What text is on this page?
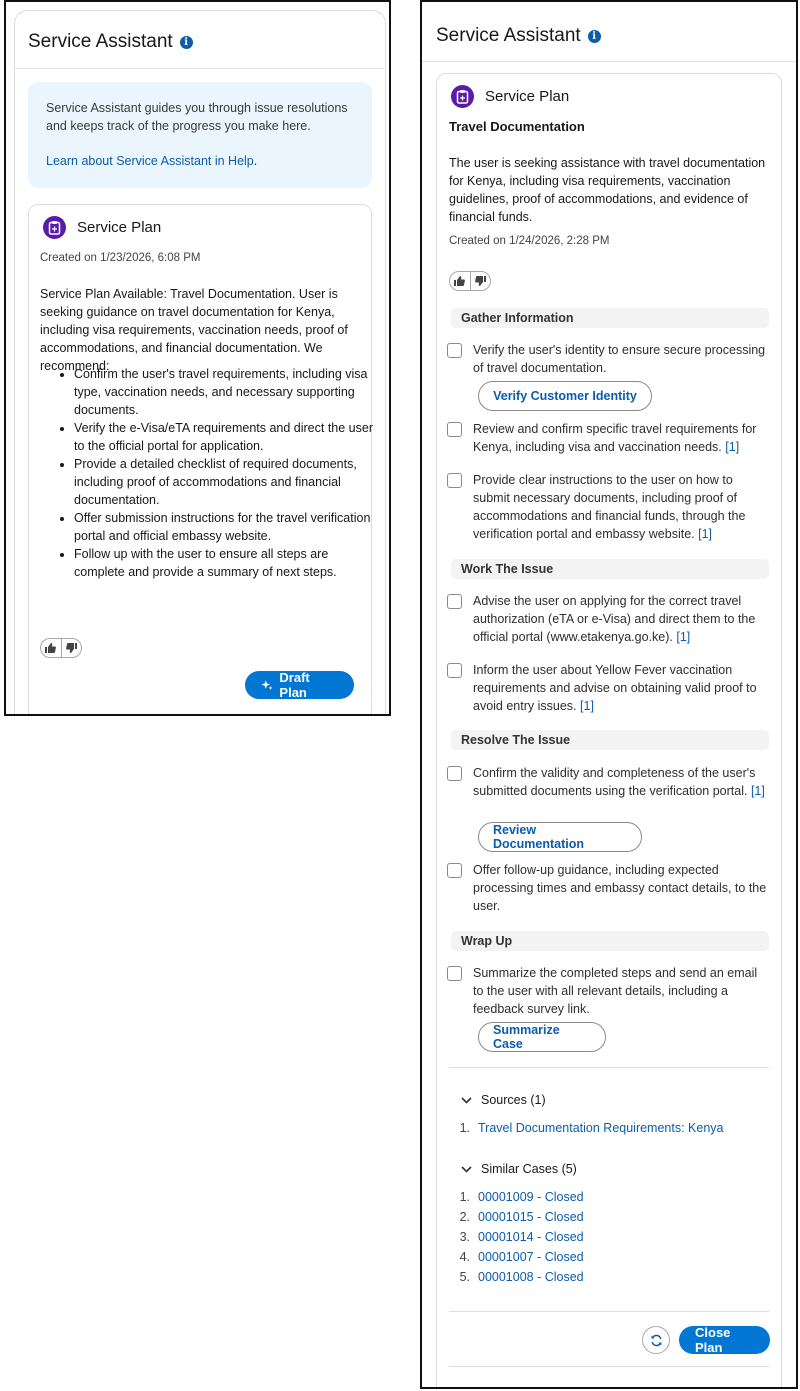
Service Assistant	i
Service Assistant guides you through issue resolutions and keeps track of the progress you make here.
Learn about Service Assistant in Help.
Service Plan
Created on 1/23/2026, 6:08 PM
Service Plan Available: Travel Documentation. User is seeking guidance on travel documentation for Kenya, including visa requirements, vaccination needs, proof of accommodations, and financial documentation. We recommend:
• Confirm the user's travel requirements, including visa type, vaccination needs, and necessary supporting documents.
• Verify the e-Visa/eTA requirements and direct the user to the official portal for application.
• Provide a detailed checklist of required documents, including proof of accommodations and financial documentation.
• Offer submission instructions for the travel verification portal and official embassy website.
• Follow up with the user to ensure all steps are complete and provide a summary of next steps.
Draft Plan
Service Assistant	i
Service Plan
Travel Documentation
The user is seeking assistance with travel documentation for Kenya, including visa requirements, vaccination guidelines, proof of accommodations, and evidence of financial funds.
Created on 1/24/2026, 2:28 PM
Gather Information
Verify the user's identity to ensure secure processing of travel documentation.
Verify Customer Identity
Review and confirm specific travel requirements for Kenya, including visa and vaccination needs. [1]
Provide clear instructions to the user on how to submit necessary documents, including proof of accommodations and financial funds, through the verification portal and embassy website. [1]
Work The Issue
Advise the user on applying for the correct travel authorization (eTA or e-Visa) and direct them to the official portal (www.etakenya.go.ke). [1]
Inform the user about Yellow Fever vaccination requirements and advise on obtaining valid proof to avoid entry issues. [1]
Resolve The Issue
Confirm the validity and completeness of the user's submitted documents using the verification portal. [1]
Review Documentation
Offer follow-up guidance, including expected processing times and embassy contact details, to the user.
Wrap Up
Summarize the completed steps and send an email to the user with all relevant details, including a feedback survey link.
Summarize Case
Sources (1)
1. Travel Documentation Requirements: Kenya
Similar Cases (5)
1. 00001009 - Closed
2. 00001015 - Closed
3. 00001014 - Closed
4. 00001007 - Closed
5. 00001008 - Closed
Close Plan
